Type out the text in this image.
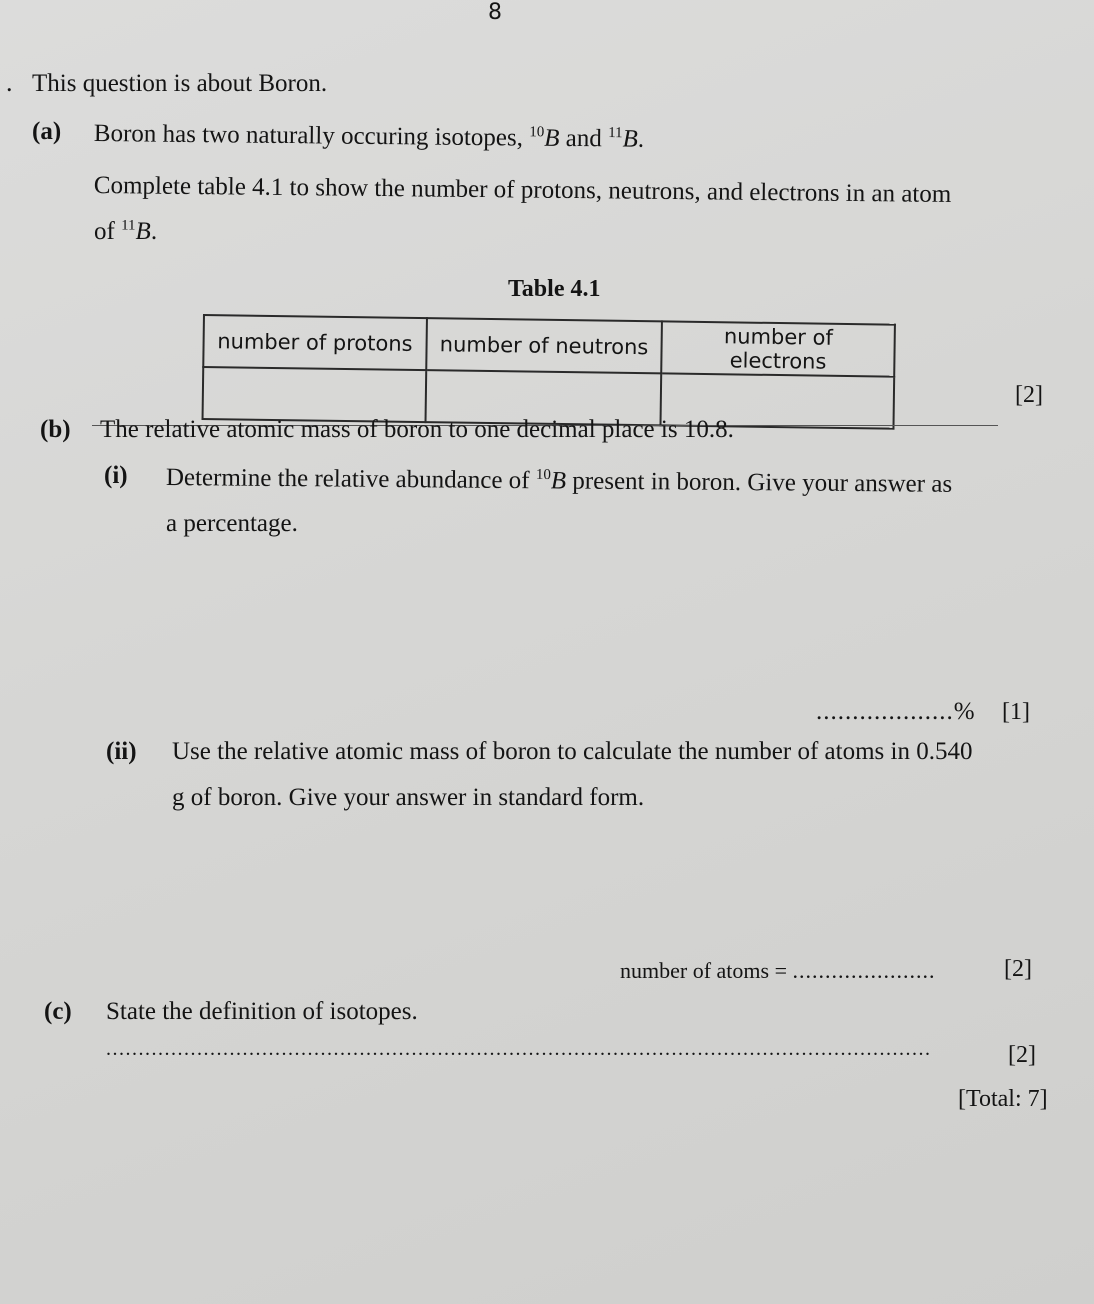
8
. This question is about Boron.
(a) Boron has two naturally occuring isotopes, $^{10}$B and $^{11}$B.
Complete table 4.1 to show the number of protons, neutrons, and electrons in an atom
of $^{11}$B.
Table 4.1
number of protons	number of neutrons	number of electrons

[2]
(b) The relative atomic mass of boron to one decimal place is 10.8.
(i) Determine the relative abundance of $^{10}$B present in boron. Give your answer as
a percentage.
...................% [1]
(ii) Use the relative atomic mass of boron to calculate the number of atoms in 0.540
g of boron. Give your answer in standard form.
number of atoms = ......................	[2]
(c) State the definition of isotopes.
...............................................................................................................................	[2]
[Total: 7]
